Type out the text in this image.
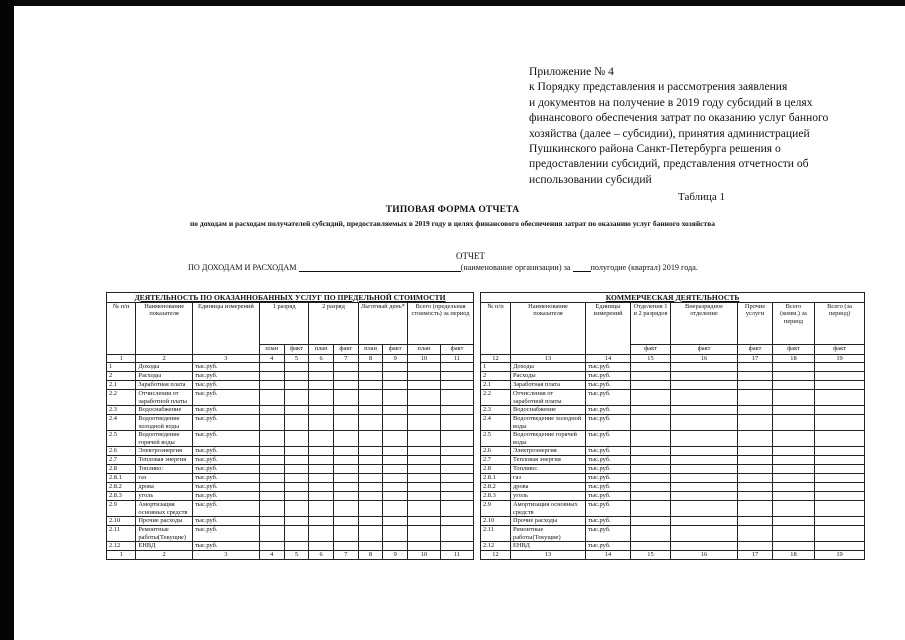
Приложение № 4
к Порядку представления и рассмотрения заявления
и документов на получение в 2019 году субсидий в целях
финансового обеспечения затрат по оказанию услуг банного
хозяйства (далее – субсидии), принятия администрацией
Пушкинского района Санкт-Петербурга решения о
предоставлении субсидий, представления отчетности об
использовании субсидий
Таблица 1
ТИПОВАЯ ФОРМА ОТЧЕТА
по доходам и расходам получателей субсидий, предоставляемых в 2019 году в целях финансового обеспечения затрат по оказанию услуг банного хозяйства
ОТЧЕТ
ПО ДОХОДАМ И РАСХОДАМ	(наименование организации) за полугодие (квартал) 2019 года.
ДЕЯТЕЛЬНОСТЬ ПО ОКАЗАННОБАННЫХ УСЛУГ ПО ПРЕДЕЛЬНОЙ СТОИМОСТИ										
№ п/п	Наименование показателя	Единицы измерений	1 разряд		2 разряд		Льготный день*		Всего (предельная стоимость) за период	
			план	факт	план	факт	план	факт	план	факт
1	2	3	4	5	6	7	8	9	10	11
1	Доходы	тыс.руб.								
2	Расходы	тыс.руб.								
2.1	Заработная плата	тыс.руб.								
2.2	Отчисления от заработной платы	тыс.руб.								
2.3	Водоснабжение	тыс.руб.								
2.4	Водоотведение холодной воды	тыс.руб.								
2.5	Водоотведение горячей воды	тыс.руб.								
2.6	Электроэнергия	тыс.руб.								
2.7	Тепловая энергия	тыс.руб.								
2.8	Топливо:	тыс.руб.								
2.8.1	газ	тыс.руб.								
2.8.2	дрова	тыс.руб.								
2.8.3	уголь	тыс.руб.								
2.9	Амортизация основных средств	тыс.руб.								
2.10	Прочие расходы	тыс.руб.								
2.11	Ремонтные работы(Текущие)	тыс.руб.								
2.12	ЕНВД	тыс.руб.								
1	2	3	4	5	6	7	8	9	10	11
КОММЕРЧЕСКАЯ ДЕЯТЕЛЬНОСТЬ							
№ п/п	Наименование показателя	Единицы измерений	Отделения 1 и 2 разрядов	Внеразрядное отделение	Прочие услуги	Всего (комм.) за период	Всего (за период)
			факт	факт	факт	факт	факт
12	13	14	15	16	17	18	19
1	Доходы	тыс.руб.					
2	Расходы	тыс.руб.					
2.1	Заработная плата	тыс.руб.					
2.2	Отчисления от заработной платы	тыс.руб.					
2.3	Водоснабжение	тыс.руб.					
2.4	Водоотведение холодной воды	тыс.руб.					
2.5	Водоотведение горячей воды	тыс.руб.					
2.6	Электроэнергия	тыс.руб.					
2.7	Тепловая энергия	тыс.руб.					
2.8	Топливо:	тыс.руб.					
2.8.1	газ	тыс.руб.					
2.8.2	дрова	тыс.руб.					
2.8.3	уголь	тыс.руб.					
2.9	Амортизация основных средств	тыс.руб.					
2.10	Прочие расходы	тыс.руб.					
2.11	Ремонтные работы(Текущие)	тыс.руб.					
2.12	ЕНВД	тыс.руб.					
12	13	14	15	16	17	18	19
